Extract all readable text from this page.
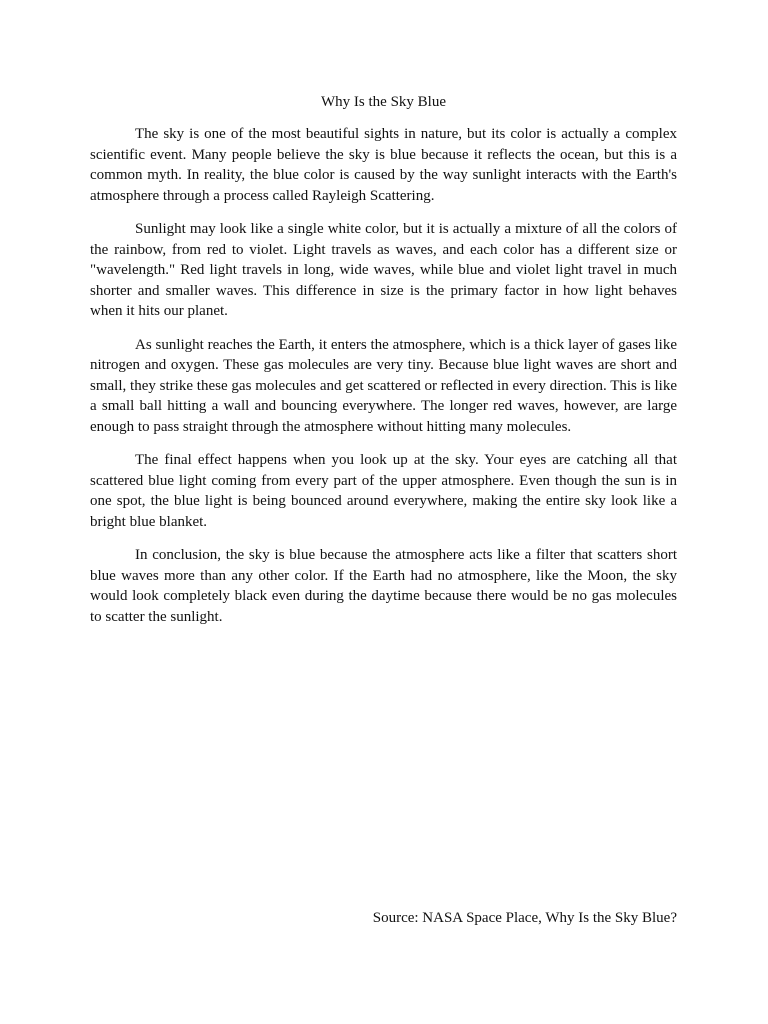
Why Is the Sky Blue

The sky is one of the most beautiful sights in nature, but its color is actually a complex scientific event. Many people believe the sky is blue because it reflects the ocean, but this is a common myth. In reality, the blue color is caused by the way sunlight interacts with the Earth's atmosphere through a process called Rayleigh Scattering.

Sunlight may look like a single white color, but it is actually a mixture of all the colors of the rainbow, from red to violet. Light travels as waves, and each color has a different size or "wavelength." Red light travels in long, wide waves, while blue and violet light travel in much shorter and smaller waves. This difference in size is the primary factor in how light behaves when it hits our planet.

As sunlight reaches the Earth, it enters the atmosphere, which is a thick layer of gases like nitrogen and oxygen. These gas molecules are very tiny. Because blue light waves are short and small, they strike these gas molecules and get scattered or reflected in every direction. This is like a small ball hitting a wall and bouncing everywhere. The longer red waves, however, are large enough to pass straight through the atmosphere without hitting many molecules.

The final effect happens when you look up at the sky. Your eyes are catching all that scattered blue light coming from every part of the upper atmosphere. Even though the sun is in one spot, the blue light is being bounced around everywhere, making the entire sky look like a bright blue blanket.

In conclusion, the sky is blue because the atmosphere acts like a filter that scatters short blue waves more than any other color. If the Earth had no atmosphere, like the Moon, the sky would look completely black even during the daytime because there would be no gas molecules to scatter the sunlight.

Source: NASA Space Place, Why Is the Sky Blue?
